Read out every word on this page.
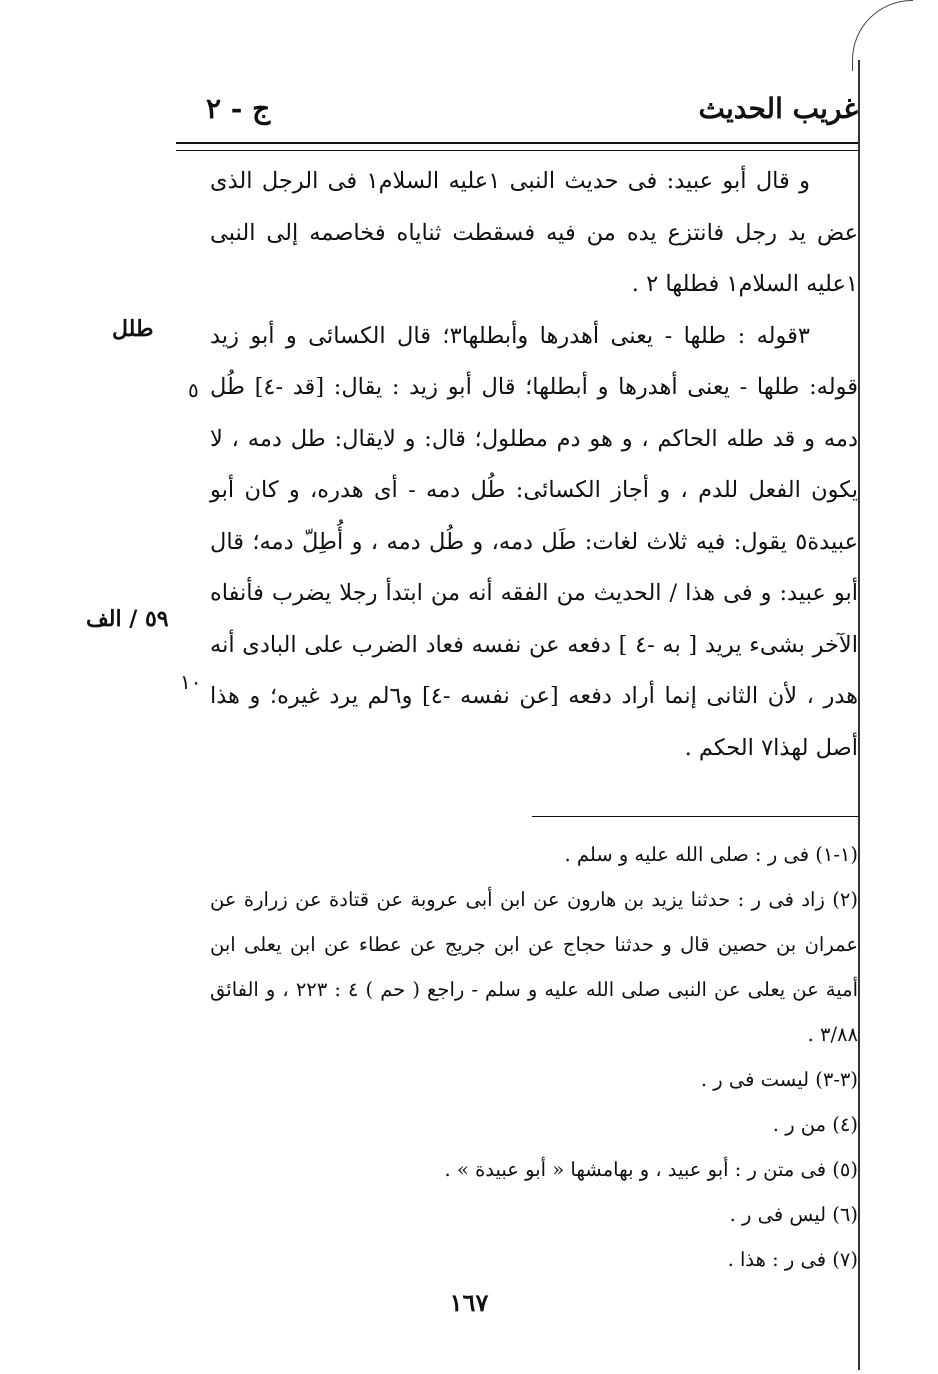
غريب الحديث
ج - ٢

و قال أبو عبيد: فى حديث النبى ١عليه السلام١ فى الرجل الذى عض يد رجل فانتزع يده من فيه فسقطت ثناياه فخاصمه إلى النبى ١عليه السلام١ فطلها ٢ .

٣قوله : طلها - يعنى أهدرها وأبطلها٣؛ قال الكسائى و أبو زيد قوله: طلها - يعنى أهدرها و أبطلها؛ قال أبو زيد : يقال: [قد -٤] طُل دمه و قد طله الحاكم ، و هو دم مطلول؛ قال: و لايقال: طل دمه ، لا يكون الفعل للدم ، و أجاز الكسائى: طُل دمه - أى هدره، و كان أبو عبيدة٥ يقول: فيه ثلاث لغات: طَل دمه، و طُل دمه ، و أُطِلّ دمه؛ قال أبو عبيد: و فى هذا / الحديث من الفقه أنه من ابتدأ رجلا يضرب فأنفاه الآخر بشىء يريد [ به -٤ ] دفعه عن نفسه فعاد الضرب على البادى أنه هدر ، لأن الثانى إنما أراد دفعه [عن نفسه -٤] و٦لم يرد غيره؛ و هذا أصل لهذا٧ الحكم .

طلل
٥
٥٩ / الف
١٠

(١-١) فى ر : صلى الله عليه و سلم .

(٢) زاد فى ر : حدثنا يزيد بن هارون عن ابن أبى عروبة عن قتادة عن زرارة عن عمران بن حصين قال و حدثنا حجاج عن ابن جريج عن عطاء عن ابن يعلى ابن أمية عن يعلى عن النبى صلى الله عليه و سلم - راجع ( حم ) ٤ : ٢٢٣ ، و الفائق ٣/٨٨ .

(٣-٣) ليست فى ر .

(٤) من ر .

(٥) فى متن ر : أبو عبيد ، و بهامشها « أبو عبيدة » .

(٦) ليس فى ر .

(٧) فى ر : هذا .

١٦٧
